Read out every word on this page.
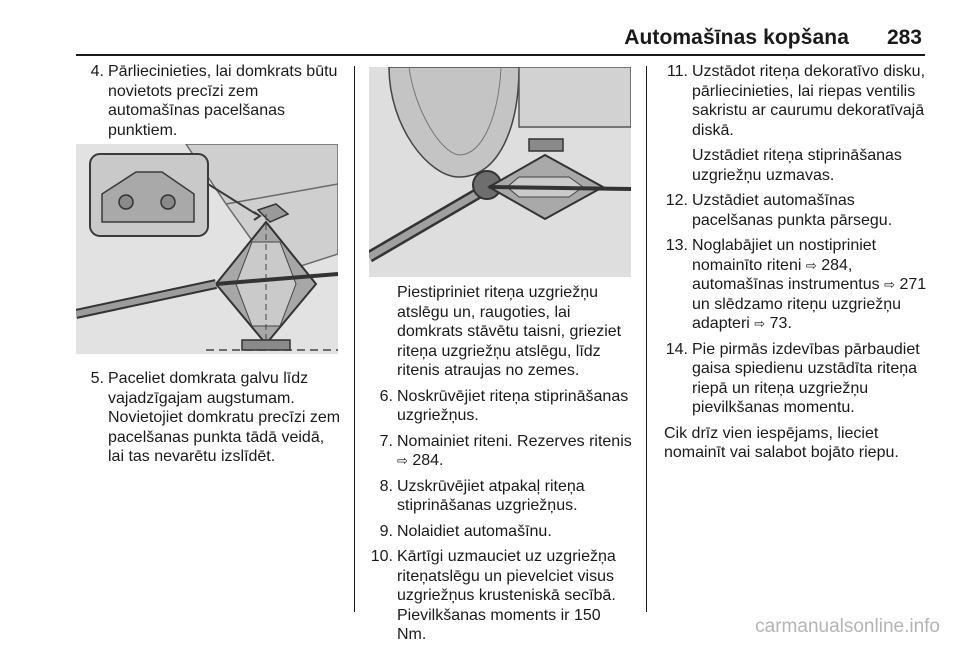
Automašīnas kopšana 283
4. Pārliecinieties, lai domkrats būtu novietots precīzi zem automašīnas pacelšanas punktiem.
5. Paceliet domkrata galvu līdz vajadzīgajam augstumam. Novietojiet domkratu precīzi zem pacelšanas punkta tādā veidā, lai tas nevarētu izslīdēt.
Piestipriniet riteņa uzgriežņu atslēgu un, raugoties, lai domkrats stāvētu taisni, grieziet riteņa uzgriežņu atslēgu, līdz ritenis atraujas no zemes.
6. Noskrūvējiet riteņa stiprināšanas uzgriežņus.
7. Nomainiet riteni. Rezerves ritenis ⇨ 284.
8. Uzskrūvējiet atpakaļ riteņa stiprināšanas uzgriežņus.
9. Nolaidiet automašīnu.
10. Kārtīgi uzmauciet uz uzgriežņa riteņatslēgu un pievelciet visus uzgriežņus krusteniskā secībā. Pievilkšanas moments ir 150 Nm.
11. Uzstādot riteņa dekoratīvo disku, pārliecinieties, lai riepas ventilis sakristu ar caurumu dekoratīvajā diskā.
Uzstādiet riteņa stiprināšanas uzgriežņu uzmavas.
12. Uzstādiet automašīnas pacelšanas punkta pārsegu.
13. Noglabājiet un nostipriniet nomainīto riteni ⇨ 284, automašīnas instrumentus ⇨ 271 un slēdzamo riteņu uzgriežņu adapteri ⇨ 73.
14. Pie pirmās izdevības pārbaudiet gaisa spiedienu uzstādīta riteņa riepā un riteņa uzgriežņu pievilkšanas momentu.
Cik drīz vien iespējams, lieciet nomainīt vai salabot bojāto riepu.
carmanualsonline.info
